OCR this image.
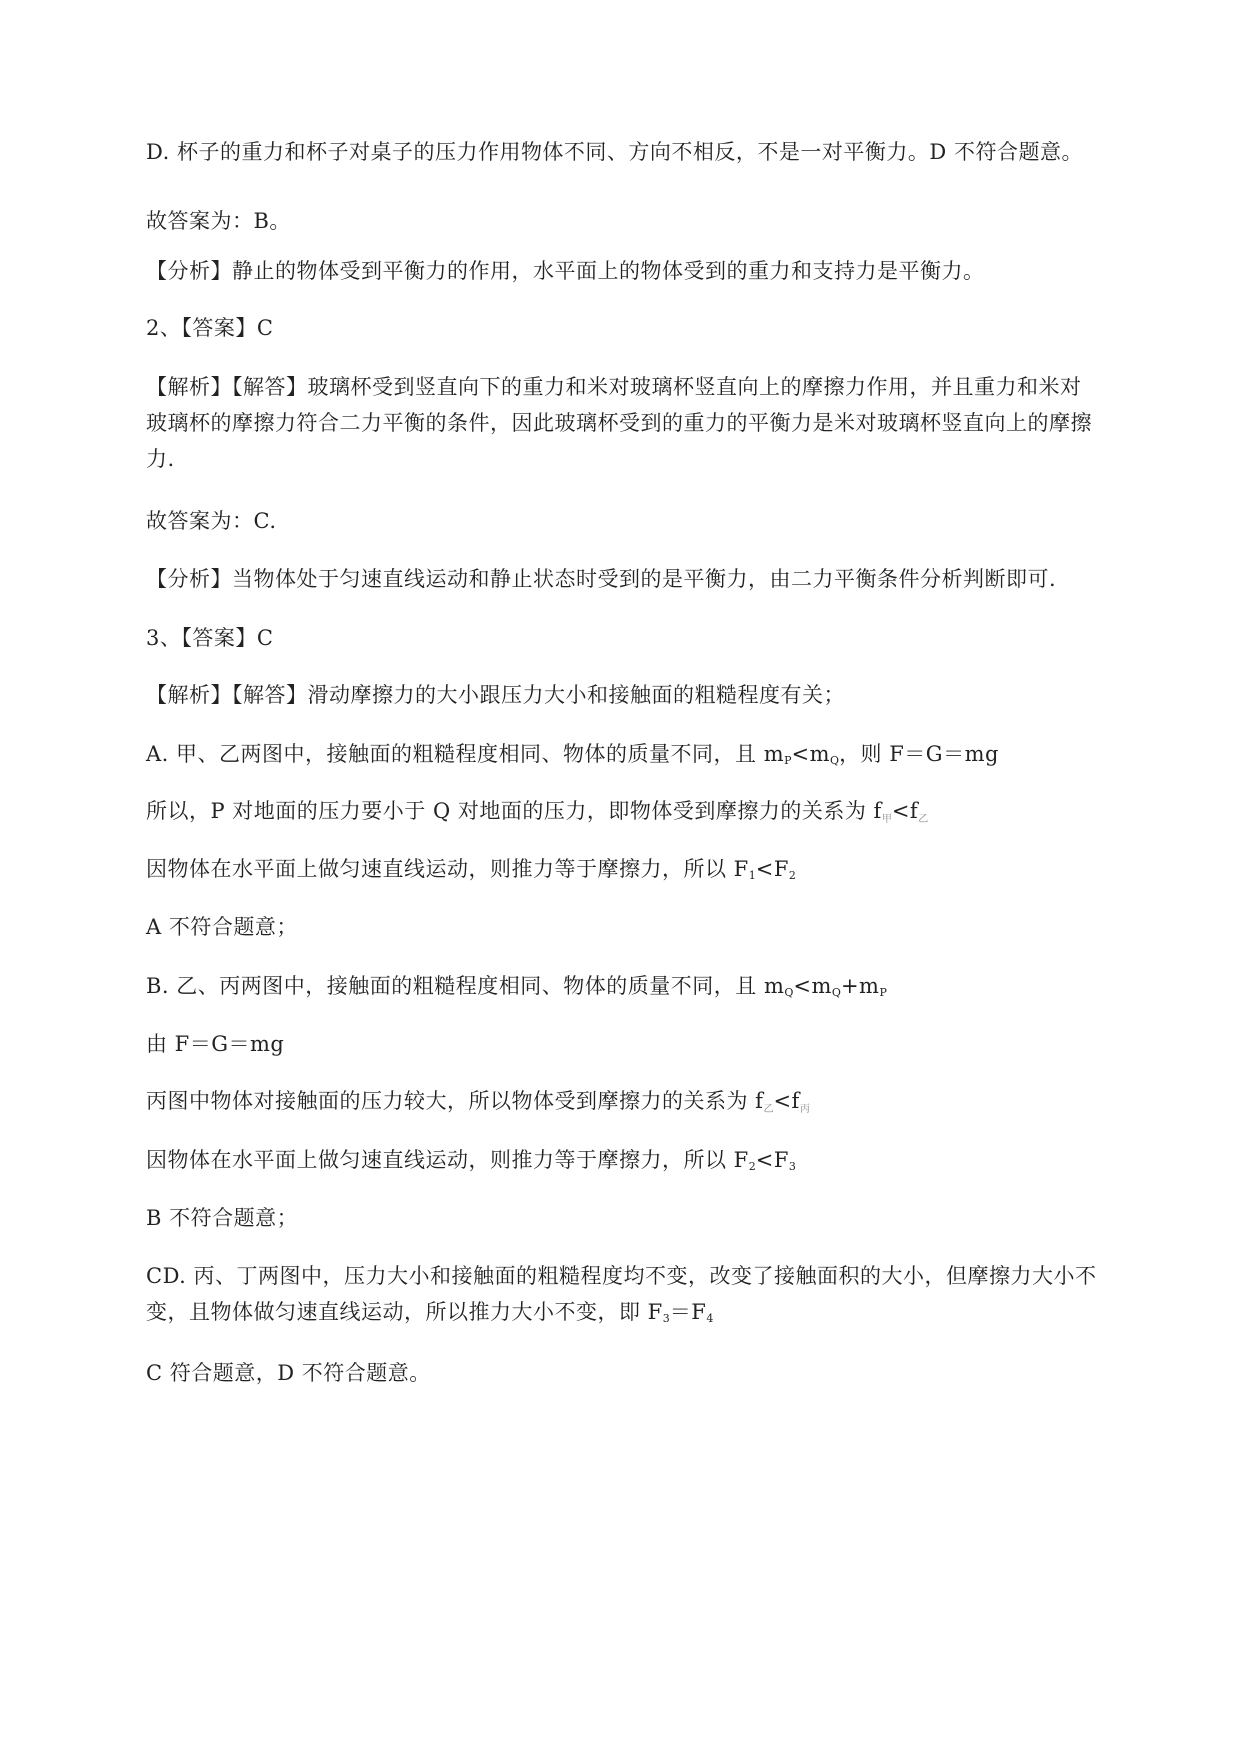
D. 杯子的重力和杯子对桌子的压力作用物体不同、方向不相反，不是一对平衡力。D 不符合题意。
故答案为：B。
【分析】静止的物体受到平衡力的作用，水平面上的物体受到的重力和支持力是平衡力。
2、【答案】C
【解析】【解答】玻璃杯受到竖直向下的重力和米对玻璃杯竖直向上的摩擦力作用，并且重力和米对
玻璃杯的摩擦力符合二力平衡的条件，因此玻璃杯受到的重力的平衡力是米对玻璃杯竖直向上的摩擦
力.
故答案为：C.
【分析】当物体处于匀速直线运动和静止状态时受到的是平衡力，由二力平衡条件分析判断即可.
3、【答案】C
【解析】【解答】滑动摩擦力的大小跟压力大小和接触面的粗糙程度有关；
A. 甲、乙两图中，接触面的粗糙程度相同、物体的质量不同，且 $m_P<m_Q$，则 F＝G＝mg
所以，P 对地面的压力要小于 Q 对地面的压力，即物体受到摩擦力的关系为 $f_甲<f_乙$
因物体在水平面上做匀速直线运动，则推力等于摩擦力，所以 $F_1<F_2$
A 不符合题意；
B. 乙、丙两图中，接触面的粗糙程度相同、物体的质量不同，且 $m_Q<m_Q+m_P$
由 F＝G＝mg
丙图中物体对接触面的压力较大，所以物体受到摩擦力的关系为 $f_乙<f_丙$
因物体在水平面上做匀速直线运动，则推力等于摩擦力，所以 $F_2<F_3$
B 不符合题意；
CD. 丙、丁两图中，压力大小和接触面的粗糙程度均不变，改变了接触面积的大小，但摩擦力大小不
变，且物体做匀速直线运动，所以推力大小不变，即 $F_3=F_4$
C 符合题意，D 不符合题意。
